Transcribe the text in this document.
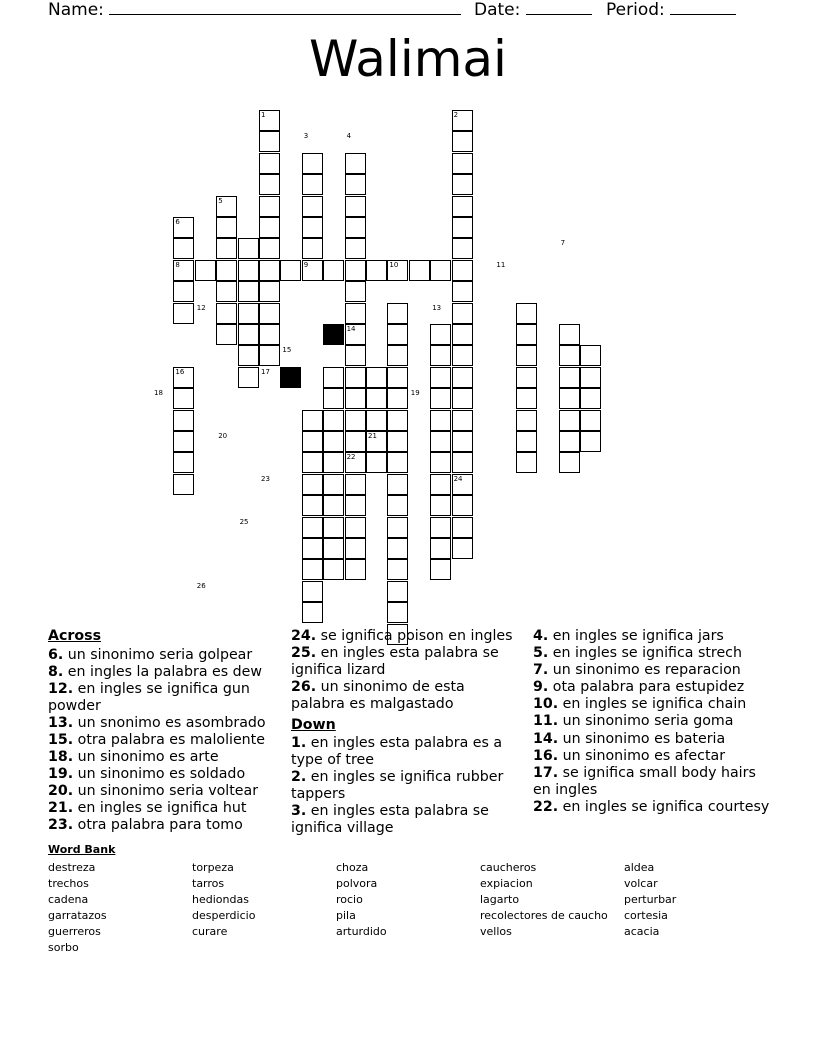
Name:	Date:	Period:
Walimai
1	2
3	4
5
6
7
8	9	10	11
12	13
14
15
16	17
18	19
20	21
22
23	24
25
26
Across
6. un sinonimo seria golpear
8. en ingles la palabra es dew
12. en ingles se ignifica gun powder
13. un snonimo es asombrado
15. otra palabra es maloliente
18. un sinonimo es arte
19. un sinonimo es soldado
20. un sinonimo seria voltear
21. en ingles se ignifica hut
23. otra palabra para tomo
24. se ignifica poison en ingles
25. en ingles esta palabra se ignifica lizard
26. un sinonimo de esta palabra es malgastado
Down
1. en ingles esta palabra es a type of tree
2. en ingles se ignifica rubber tappers
3. en ingles esta palabra se ignifica village
4. en ingles se ignifica jars
5. en ingles se ignifica strech
7. un sinonimo es reparacion
9. ota palabra para estupidez
10. en ingles se ignifica chain
11. un sinonimo seria goma
14. un sinonimo es bateria
16. un sinonimo es afectar
17. se ignifica small body hairs en ingles
22. en ingles se ignifica courtesy
Word Bank
destreza
trechos
cadena
garratazos
guerreros
sorbo
torpeza
tarros
hediondas
desperdicio
curare
choza
polvora
rocio
pila
arturdido
caucheros
expiacion
lagarto
recolectores de caucho
vellos
aldea
volcar
perturbar
cortesia
acacia
